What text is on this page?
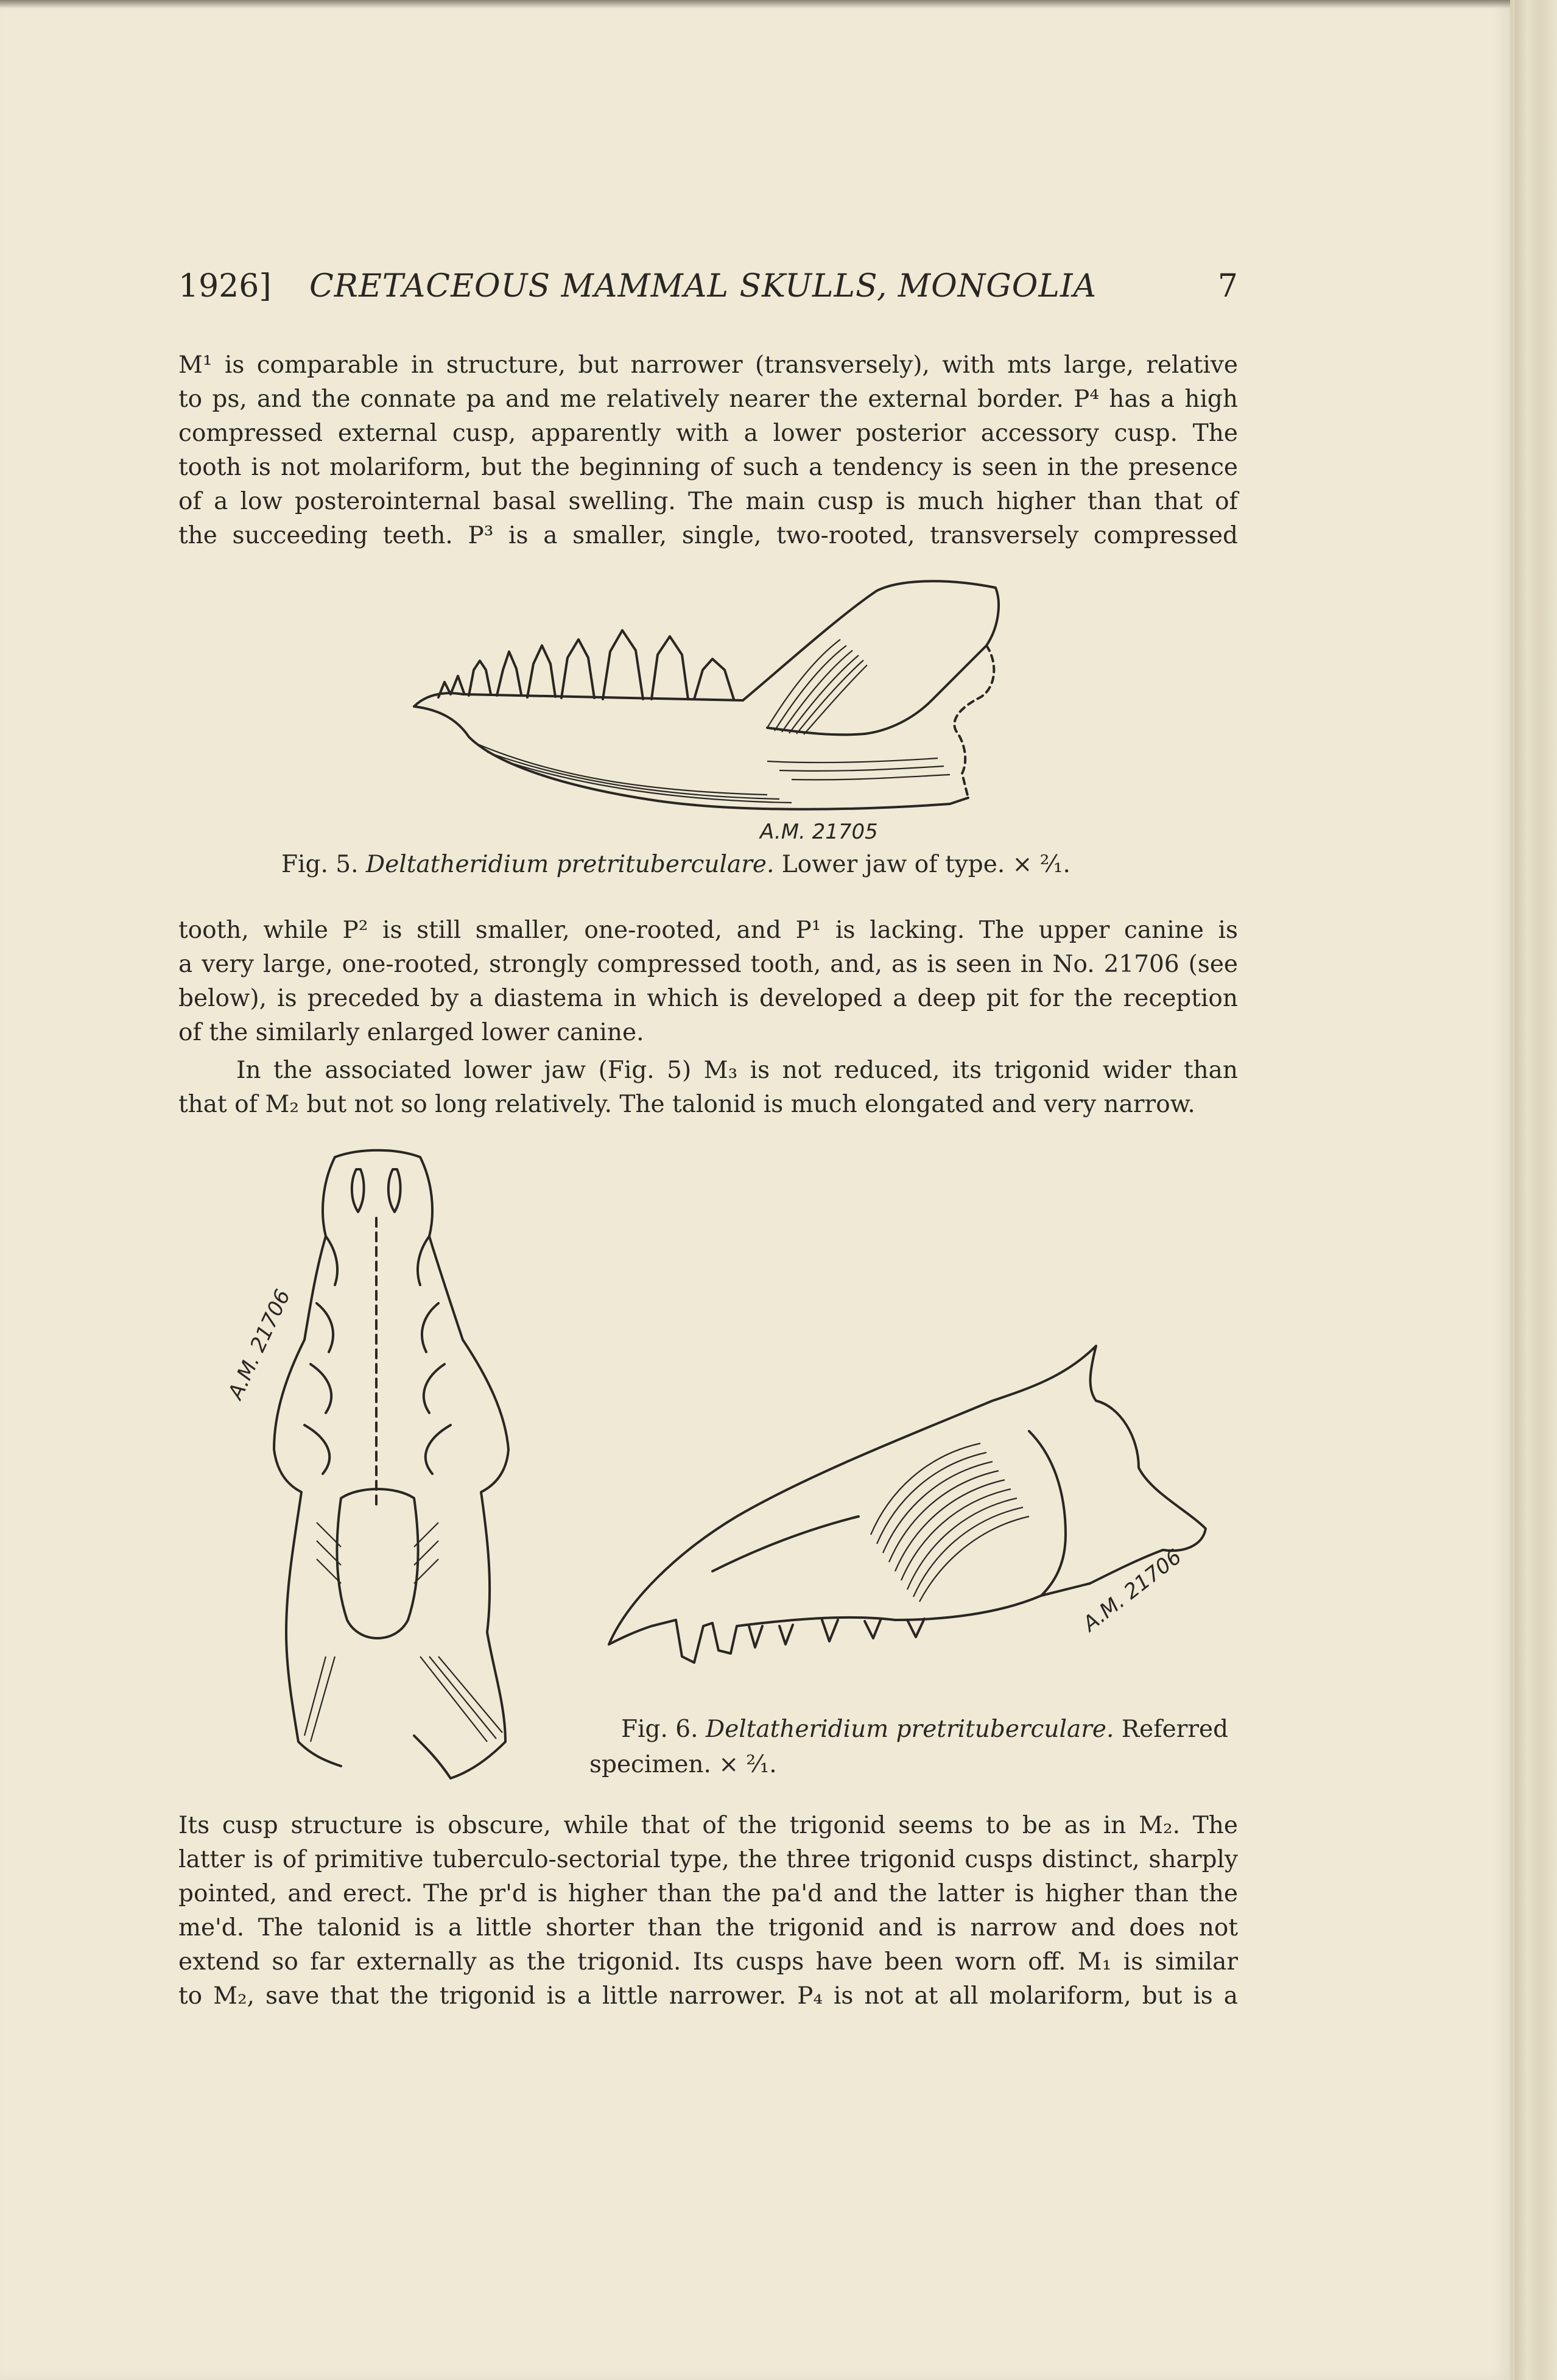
1926] CRETACEOUS MAMMAL SKULLS, MONGOLIA	7
M¹ is comparable in structure, but narrower (transversely), with mts large, relative
to ps, and the connate pa and me relatively nearer the external border. P⁴ has a high
compressed external cusp, apparently with a lower posterior accessory cusp. The
tooth is not molariform, but the beginning of such a tendency is seen in the presence
of a low posterointernal basal swelling. The main cusp is much higher than that of
the succeeding teeth. P³ is a smaller, single, two-rooted, transversely compressed
A.M. 21705
Fig. 5. Deltatheridium pretrituberculare. Lower jaw of type. × ²⁄₁.
tooth, while P² is still smaller, one-rooted, and P¹ is lacking. The upper canine is
a very large, one-rooted, strongly compressed tooth, and, as is seen in No. 21706 (see
below), is preceded by a diastema in which is developed a deep pit for the reception
of the similarly enlarged lower canine.
In the associated lower jaw (Fig. 5) M₃ is not reduced, its trigonid wider than
that of M₂ but not so long relatively. The talonid is much elongated and very narrow.
A.M. 21706
A.M. 21706
Fig. 6. Deltatheridium pretrituberculare. Referred
specimen. × ²⁄₁.
Its cusp structure is obscure, while that of the trigonid seems to be as in M₂. The
latter is of primitive tuberculo-sectorial type, the three trigonid cusps distinct, sharply
pointed, and erect. The pr'd is higher than the pa'd and the latter is higher than the
me'd. The talonid is a little shorter than the trigonid and is narrow and does not
extend so far externally as the trigonid. Its cusps have been worn off. M₁ is similar
to M₂, save that the trigonid is a little narrower. P₄ is not at all molariform, but is a
